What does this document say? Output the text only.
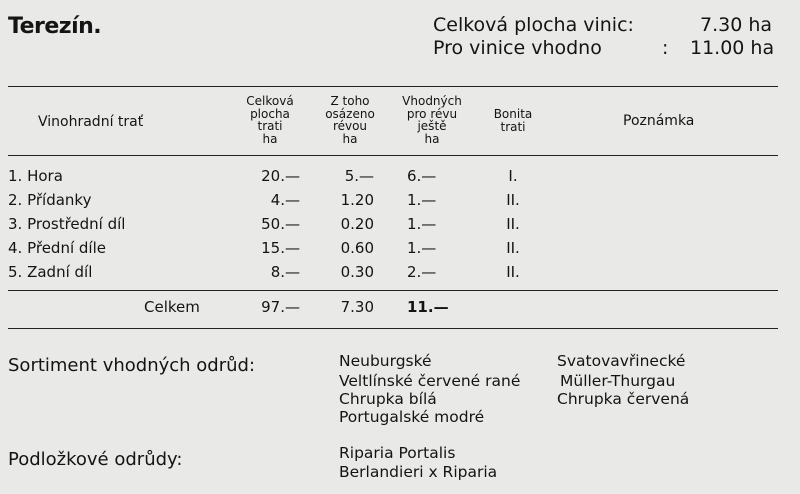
Terezín.	Celková plocha vinic:	7.30 ha
Pro vinice vhodno	: 11.00 ha
Vinohradní trať
Celková
plocha
trati
ha
Z toho
osázeno
révou
ha
Vhodných
pro révu
ještě
ha
Bonita
trati	Poznámka
1. Hora	20.—	5.— 6.—	I.
2. Přídanky	4.—	1.20 1.—	II.
3. Prostřední díl	50.—	0.20 1.—	II.
4. Přední díle	15.—	0.60 1.—	II.
5. Zadní díl	8.—	0.30 2.—	II.
Celkem	97.—	7.30 11.—
Sortiment vhodných odrůd:	Neuburgské
Veltlínské červené rané
Chrupka bílá
Portugalské modré
Svatovavřinecké
Müller-Thurgau
Chrupka červená
Podložkové odrůdy:	Riparia Portalis
Berlandieri x Riparia
